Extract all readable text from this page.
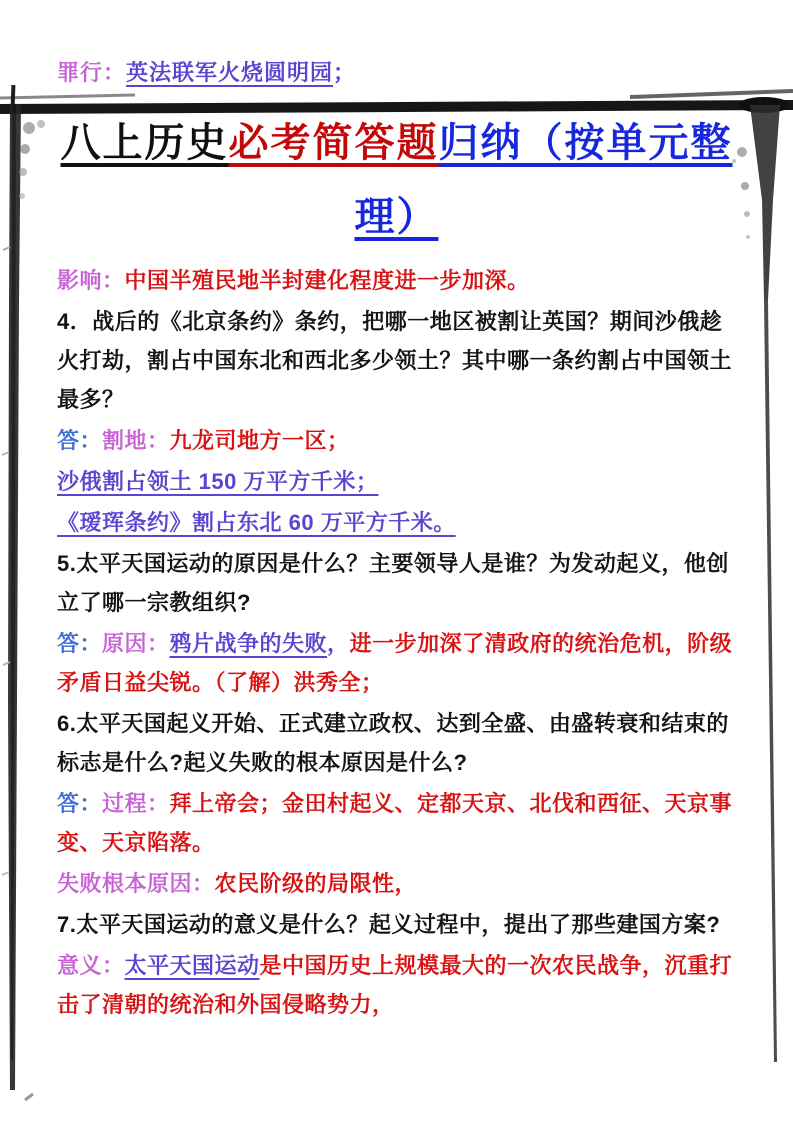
罪行：英法联军火烧圆明园；
八上历史必考简答题归纳（按单元整理）
影响：中国半殖民地半封建化程度进一步加深。
4．战后的《北京条约》条约，把哪一地区被割让英国？期间沙俄趁火打劫，割占中国东北和西北多少领土？其中哪一条约割占中国领土最多？
答：割地：九龙司地方一区；
沙俄割占领土 150 万平方千米；
《瑷珲条约》割占东北 60 万平方千米。
5.太平天国运动的原因是什么？主要领导人是谁？为发动起义，他创立了哪一宗教组织?
答：原因：鸦片战争的失败，进一步加深了清政府的统治危机，阶级矛盾日益尖锐。（了解）洪秀全；
6.太平天国起义开始、正式建立政权、达到全盛、由盛转衰和结束的标志是什么?起义失败的根本原因是什么?
答：过程：拜上帝会；金田村起义、定都天京、北伐和西征、天京事变、天京陷落。
失败根本原因：农民阶级的局限性，
7.太平天国运动的意义是什么？起义过程中，提出了那些建国方案?
意义：太平天国运动是中国历史上规模最大的一次农民战争，沉重打击了清朝的统治和外国侵略势力，
